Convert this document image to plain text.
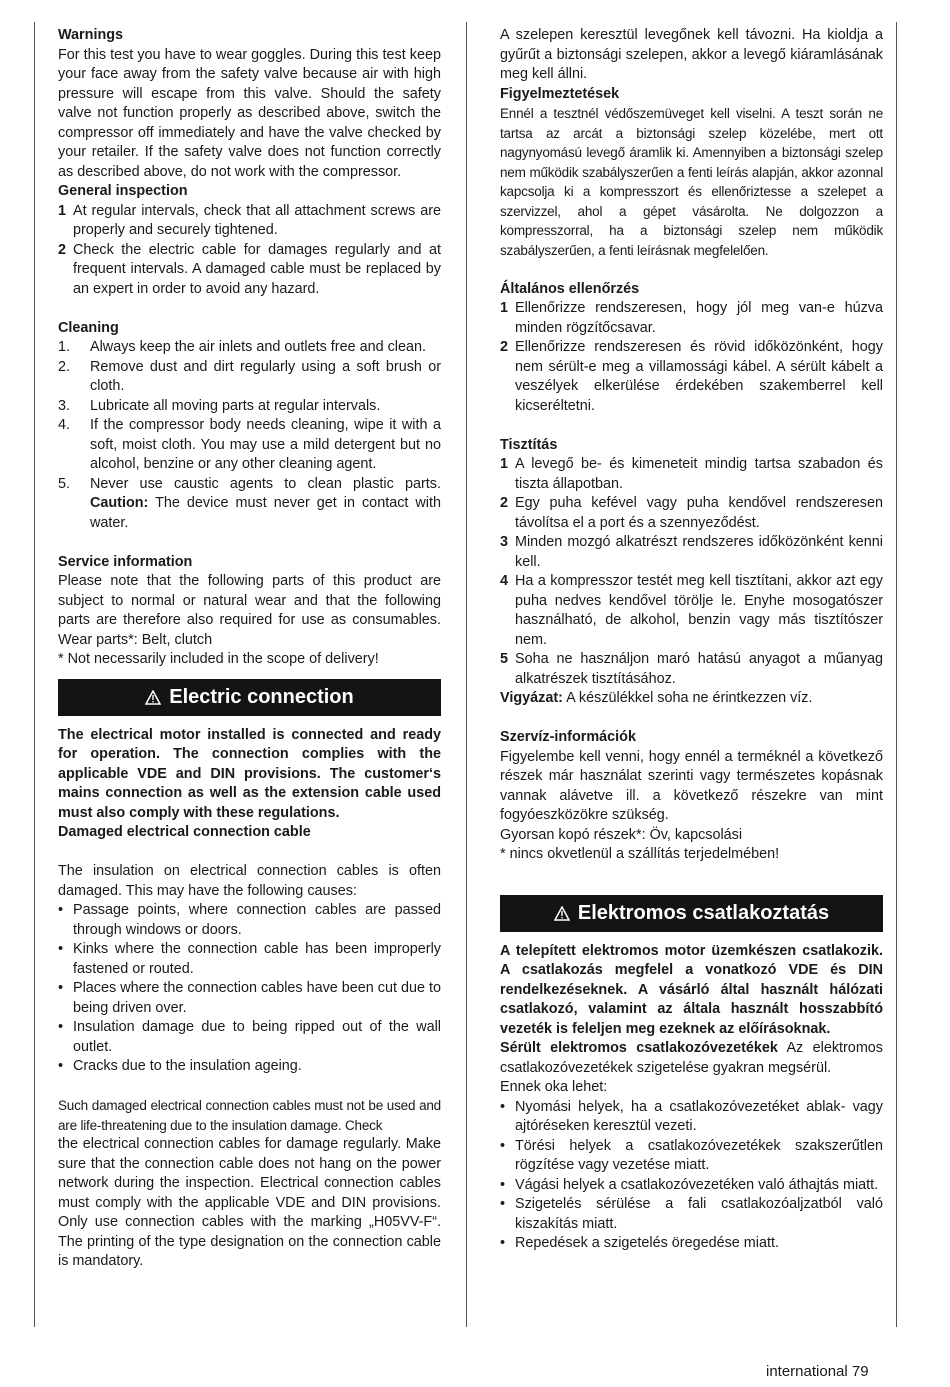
Warnings

For this test you have to wear goggles. During this test keep your face away from the safety valve because air with high pressure will escape from this valve. Should the safety valve not function properly as described above, switch the compressor off immediately and have the valve checked by your retailer. If the safety valve does not function correctly as described above, do not work with the compressor.

General inspection

1 At regular intervals, check that all attachment screws are properly and securely tightened.
2 Check the electric cable for damages regularly and at frequent intervals. A damaged cable must be replaced by an expert in order to avoid any hazard.

Cleaning

1. Always keep the air inlets and outlets free and clean.
2. Remove dust and dirt regularly using a soft brush or cloth.
3. Lubricate all moving parts at regular intervals.
4. If the compressor body needs cleaning, wipe it with a soft, moist cloth. You may use a mild detergent but no alcohol, benzine or any other cleaning agent.
5. Never use caustic agents to clean plastic parts. Caution: The device must never get in contact with water.

Service information

Please note that the following parts of this product are subject to normal or natural wear and that the following parts are therefore also required for use as consumables. Wear parts*: Belt, clutch

* Not necessarily included in the scope of delivery!

Electric connection

The electrical motor installed is connected and ready for operation. The connection complies with the applicable VDE and DIN provisions. The customer‘s mains connection as well as the extension cable used must also comply with these regulations.

Damaged electrical connection cable

The insulation on electrical connection cables is often damaged. This may have the following causes:

• Passage points, where connection cables are passed through windows or doors.
• Kinks where the connection cable has been improperly fastened or routed.
• Places where the connection cables have been cut due to being driven over.
• Insulation damage due to being ripped out of the wall outlet.
• Cracks due to the insulation ageing.

Such damaged electrical connection cables must not be used and are life-threatening due to the insulation damage. Check

the electrical connection cables for damage regularly. Make sure that the connection cable does not hang on the power network during the inspection. Electrical connection cables must comply with the applicable VDE and DIN provisions. Only use connection cables with the marking „H05VV-F“. The printing of the type designation on the connection cable is mandatory.

A szelepen keresztül levegőnek kell távozni. Ha kioldja a gyűrűt a biztonsági szelepen, akkor a levegő kiáramlásának meg kell állni.

Figyelmeztetések

Ennél a tesztnél védőszemüveget kell viselni. A teszt során ne tartsa az arcát a biztonsági szelep közelébe, mert ott nagynyomású levegő áramlik ki. Amennyiben a biztonsági szelep nem működik szabályszerűen a fenti leírás alapján, akkor azonnal kapcsolja ki a kompresszort és ellenőriztesse a szelepet a szervizzel, ahol a gépet vásárolta. Ne dolgozzon a kompresszorral, ha a biztonsági szelep nem működik szabályszerűen, a fenti leírásnak megfelelően.

Általános ellenőrzés

1 Ellenőrizze rendszeresen, hogy jól meg van-e húzva minden rögzítőcsavar.
2 Ellenőrizze rendszeresen és rövid időközönként, hogy nem sérült-e meg a villamossági kábel. A sérült kábelt a veszélyek elkerülése érdekében szakemberrel kell kicseréltetni.

Tisztítás

1 A levegő be- és kimeneteit mindig tartsa szabadon és tiszta állapotban.
2 Egy puha kefével vagy puha kendővel rendszeresen távolítsa el a port és a szennyeződést.
3 Minden mozgó alkatrészt rendszeres időközönként kenni kell.
4 Ha a kompresszor testét meg kell tisztítani, akkor azt egy puha nedves kendővel törölje le. Enyhe mosogatószer használható, de alkohol, benzin vagy más tisztítószer nem.
5 Soha ne használjon maró hatású anyagot a műanyag alkatrészek tisztításához.

Vigyázat: A készülékkel soha ne érintkezzen víz.

Szervíz-információk

Figyelembe kell venni, hogy ennél a terméknél a következő részek már használat szerinti vagy természetes kopásnak vannak alávetve ill. a következő részekre van mint fogyóeszközökre szükség.

Gyorsan kopó részek*: Öv, kapcsolási

* nincs okvetlenül a szállítás terjedelmében!

Elektromos csatlakoztatás

A telepített elektromos motor üzemkészen csatlakozik. A csatlakozás megfelel a vonatkozó VDE és DIN rendelkezéseknek. A vásárló által használt hálózati csatlakozó, valamint az általa használt hosszabbító vezeték is feleljen meg ezeknek az előírásoknak.

Sérült elektromos csatlakozóvezetékek Az elektromos csatlakozóvezetékek szigetelése gyakran megsérül.

Ennek oka lehet:

• Nyomási helyek, ha a csatlakozóvezetéket ablak- vagy ajtóréseken keresztül vezeti.
• Törési helyek a csatlakozóvezetékek szakszerűtlen rögzítése vagy vezetése miatt.
• Vágási helyek a csatlakozóvezetéken való áthajtás miatt.
• Szigetelés sérülése a fali csatlakozóaljzatból való kiszakítás miatt.
• Repedések a szigetelés öregedése miatt.
international 79
